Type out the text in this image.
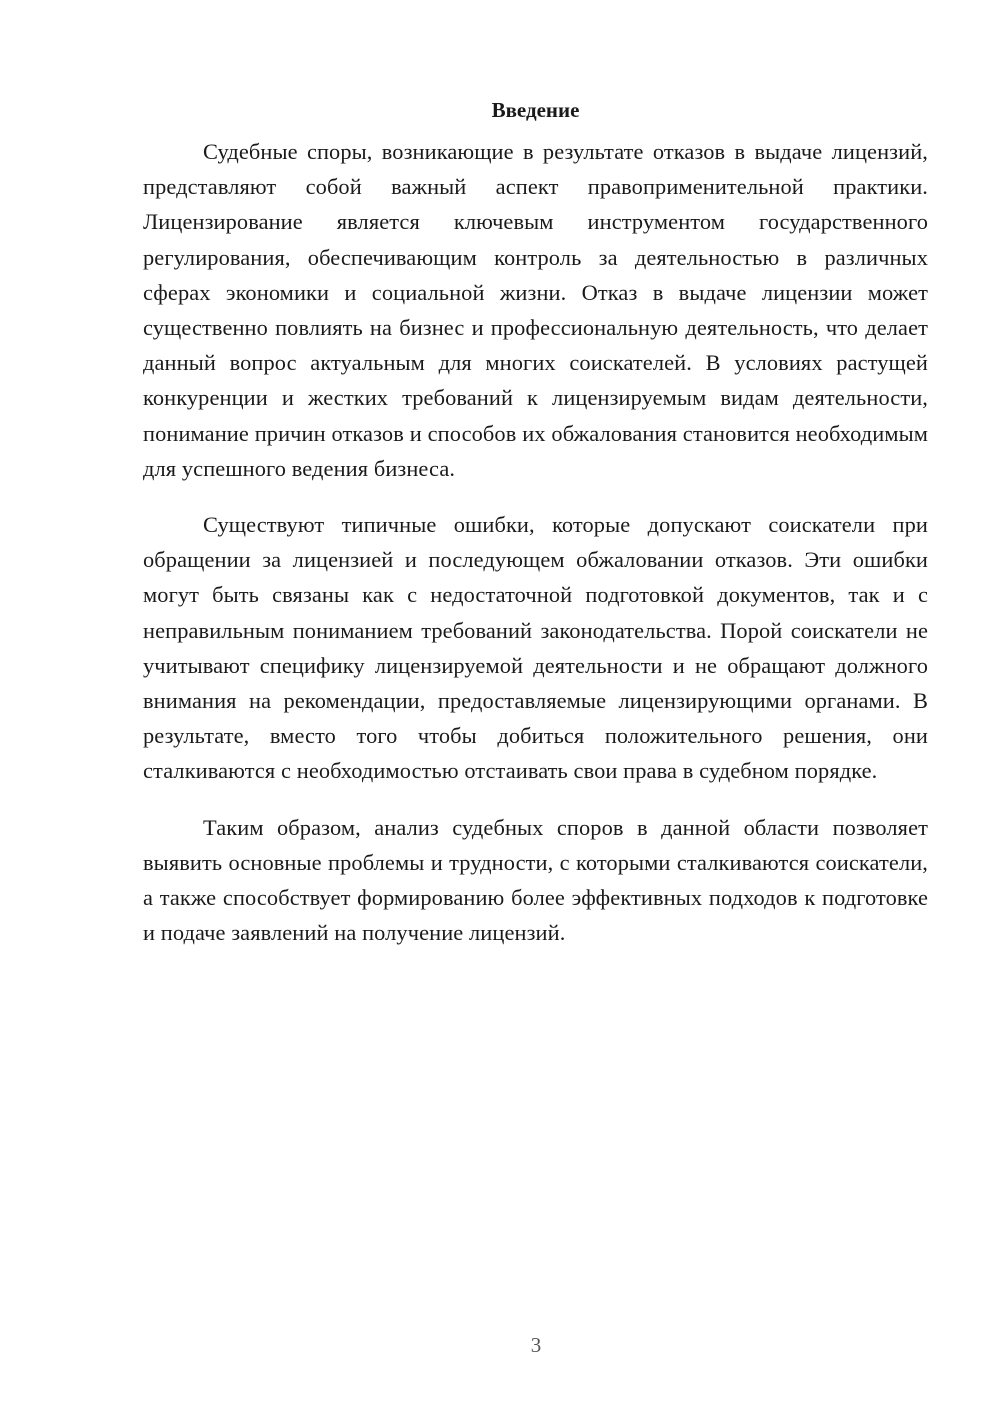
Введение

Судебные споры, возникающие в результате отказов в выдаче лицензий, представляют собой важный аспект правоприменительной практики. Лицензирование является ключевым инструментом государственного регулирования, обеспечивающим контроль за деятельностью в различных сферах экономики и социальной жизни. Отказ в выдаче лицензии может существенно повлиять на бизнес и профессиональную деятельность, что делает данный вопрос актуальным для многих соискателей. В условиях растущей конкуренции и жестких требований к лицензируемым видам деятельности, понимание причин отказов и способов их обжалования становится необходимым для успешного ведения бизнеса.

Существуют типичные ошибки, которые допускают соискатели при обращении за лицензией и последующем обжаловании отказов. Эти ошибки могут быть связаны как с недостаточной подготовкой документов, так и с неправильным пониманием требований законодательства. Порой соискатели не учитывают специфику лицензируемой деятельности и не обращают должного внимания на рекомендации, предоставляемые лицензирующими органами. В результате, вместо того чтобы добиться положительного решения, они сталкиваются с необходимостью отстаивать свои права в судебном порядке.

Таким образом, анализ судебных споров в данной области позволяет выявить основные проблемы и трудности, с которыми сталкиваются соискатели, а также способствует формированию более эффективных подходов к подготовке и подаче заявлений на получение лицензий.

3
